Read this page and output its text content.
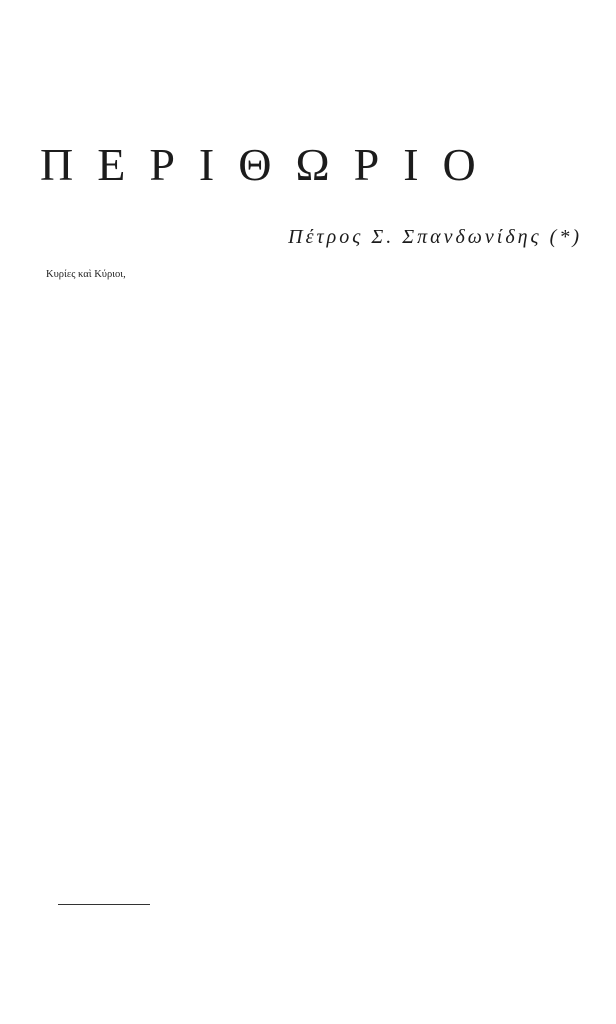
ΠΕΡΙΘΩΡΙΟ
Πέτρος Σ. Σπανδωνίδης (*)

Κυρίες καὶ Κύριοι,
